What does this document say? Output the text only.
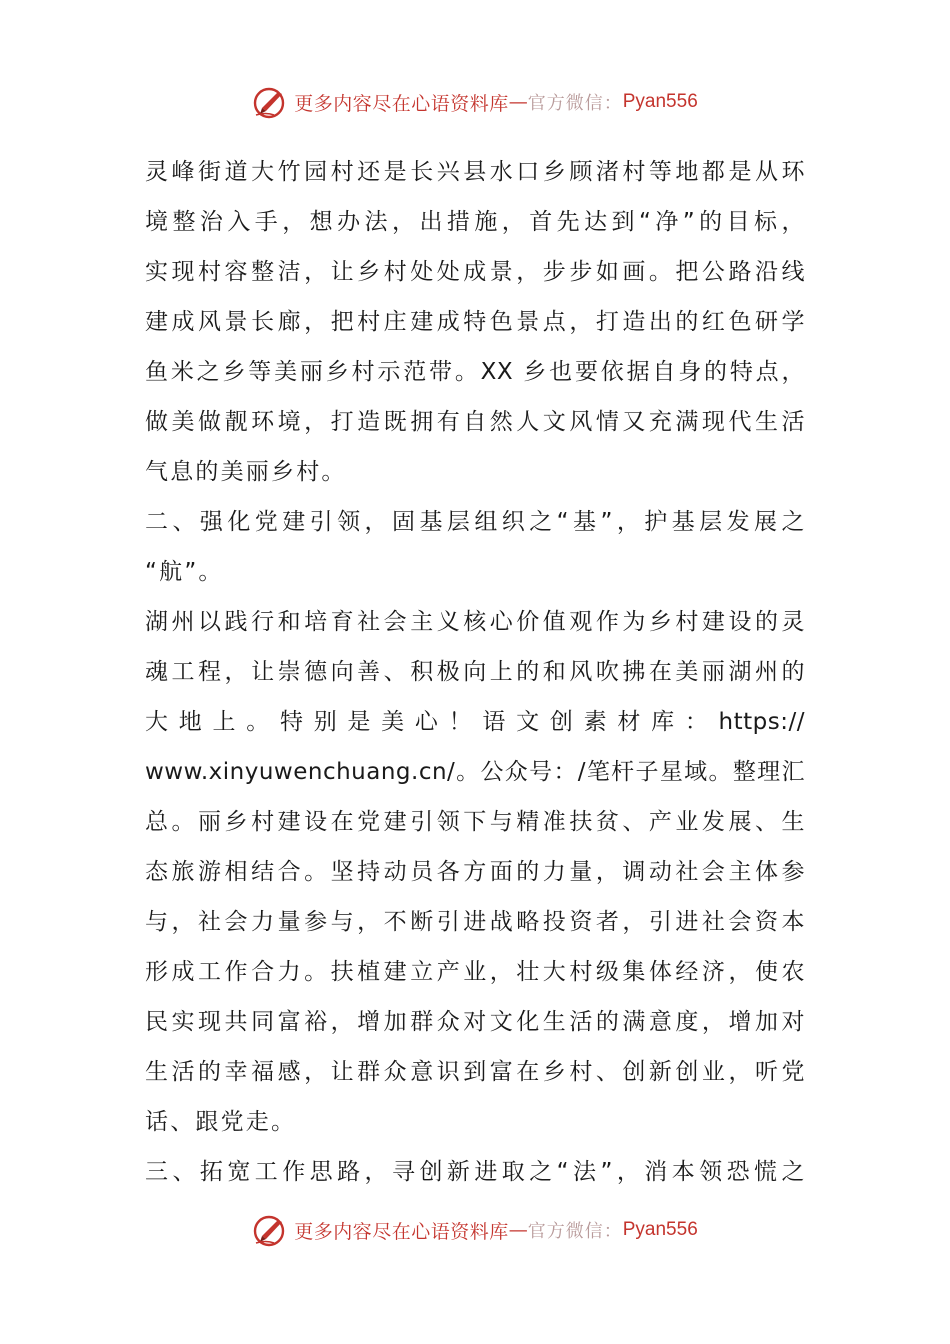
更多内容尽在心语资料库 — 官方微信： Pyan556
灵峰街道大竹园村还是长兴县水口乡顾渚村等地都是从环
境整治入手，想办法，出措施，首先达到“净”的目标，
实现村容整洁，让乡村处处成景，步步如画。把公路沿线
建成风景长廊，把村庄建成特色景点，打造出的红色研学
鱼米之乡等美丽乡村示范带。XX 乡也要依据自身的特点，
做美做靓环境，打造既拥有自然人文风情又充满现代生活
气息的美丽乡村。
二、强化党建引领，固基层组织之“基”，护基层发展之
“航”。
湖州以践行和培育社会主义核心价值观作为乡村建设的灵
魂工程，让崇德向善、积极向上的和风吹拂在美丽湖州的
大 地 上 。 特 别 是 美 心 ！ 语 文 创 素 材 库 ： https://
www.xinyuwenchuang.cn/。公众号：/笔杆子星域。整理汇
总。丽乡村建设在党建引领下与精准扶贫、产业发展、生
态旅游相结合。坚持动员各方面的力量，调动社会主体参
与，社会力量参与，不断引进战略投资者，引进社会资本
形成工作合力。扶植建立产业，壮大村级集体经济，使农
民实现共同富裕，增加群众对文化生活的满意度，增加对
生活的幸福感，让群众意识到富在乡村、创新创业，听党
话、跟党走。
三、拓宽工作思路，寻创新进取之“法”，消本领恐慌之
更多内容尽在心语资料库 — 官方微信： Pyan556
